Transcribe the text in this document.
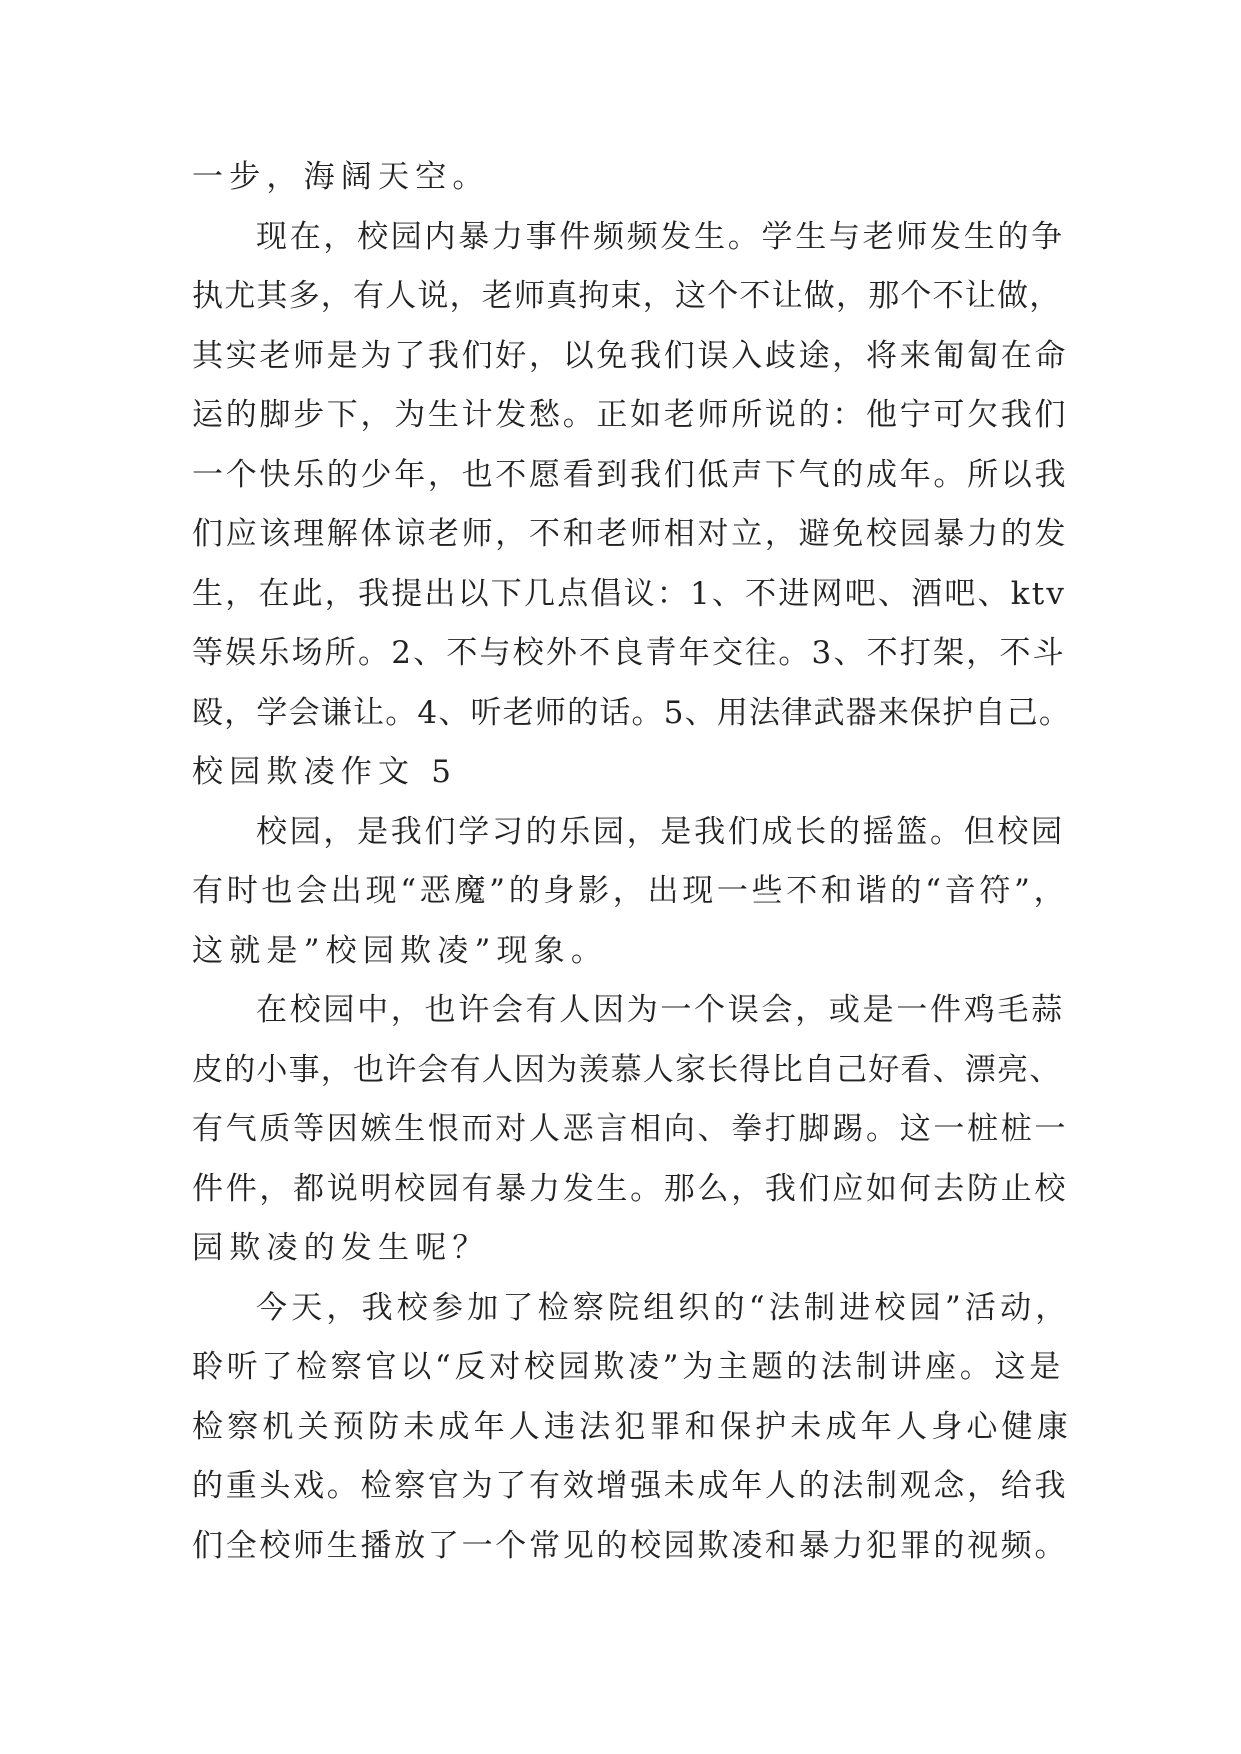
一步，海阔天空。
现在，校园内暴力事件频频发生。学生与老师发生的争
执尤其多，有人说，老师真拘束，这个不让做，那个不让做，
其实老师是为了我们好，以免我们误入歧途，将来匍匐在命
运的脚步下，为生计发愁。正如老师所说的：他宁可欠我们
一个快乐的少年，也不愿看到我们低声下气的成年。所以我
们应该理解体谅老师，不和老师相对立，避免校园暴力的发
生，在此，我提出以下几点倡议：1、不进网吧、酒吧、ktv
等娱乐场所。2、不与校外不良青年交往。3、不打架，不斗
殴，学会谦让。4、听老师的话。5、用法律武器来保护自己。
校园欺凌作文 5
校园，是我们学习的乐园，是我们成长的摇篮。但校园
有时也会出现“恶魔”的身影，出现一些不和谐的“音符”，
这就是”校园欺凌”现象。
在校园中，也许会有人因为一个误会，或是一件鸡毛蒜
皮的小事，也许会有人因为羡慕人家长得比自己好看、漂亮、
有气质等因嫉生恨而对人恶言相向、拳打脚踢。这一桩桩一
件件，都说明校园有暴力发生。那么，我们应如何去防止校
园欺凌的发生呢？
今天，我校参加了检察院组织的“法制进校园”活动，
聆听了检察官以“反对校园欺凌”为主题的法制讲座。这是
检察机关预防未成年人违法犯罪和保护未成年人身心健康
的重头戏。检察官为了有效增强未成年人的法制观念，给我
们全校师生播放了一个常见的校园欺凌和暴力犯罪的视频。
